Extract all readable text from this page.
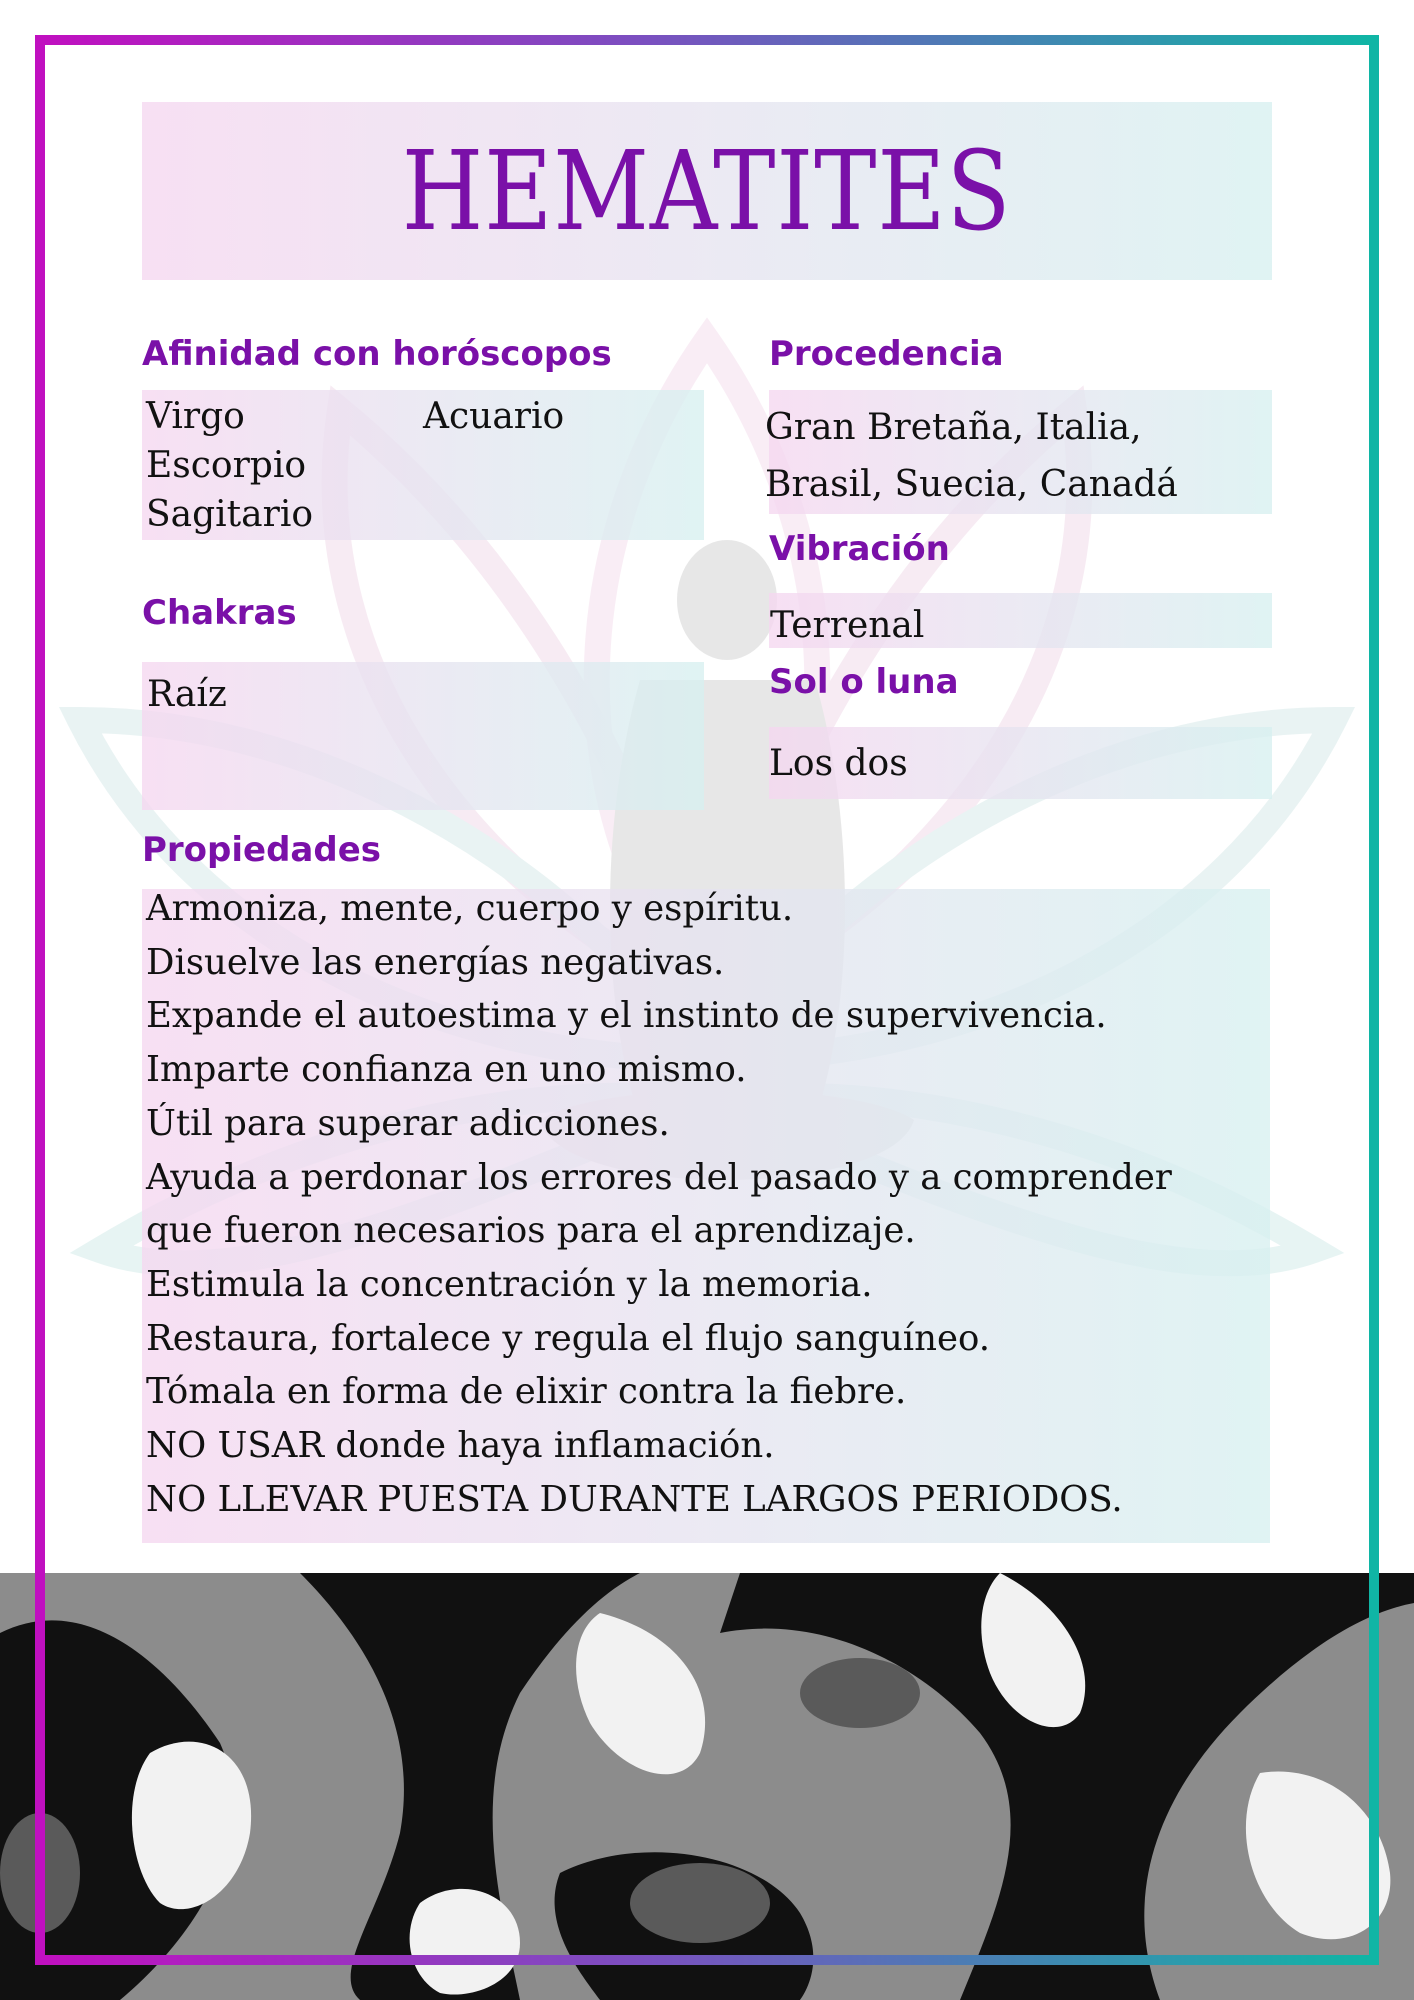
HEMATITES
Afinidad con horóscopos
Virgo
Escorpio
Sagitario
Acuario
Procedencia
Gran Bretaña, Italia,
Brasil, Suecia, Canadá
Vibración
Terrenal
Chakras
Raíz	Sol o luna
Los dos
Propiedades
Armoniza, mente, cuerpo y espíritu.
Disuelve las energías negativas.
Expande el autoestima y el instinto de supervivencia.
Imparte confianza en uno mismo.
Útil para superar adicciones.
Ayuda a perdonar los errores del pasado y a comprender
que fueron necesarios para el aprendizaje.
Estimula la concentración y la memoria.
Restaura, fortalece y regula el flujo sanguíneo.
Tómala en forma de elixir contra la fiebre.
NO USAR donde haya inflamación.
NO LLEVAR PUESTA DURANTE LARGOS PERIODOS.
